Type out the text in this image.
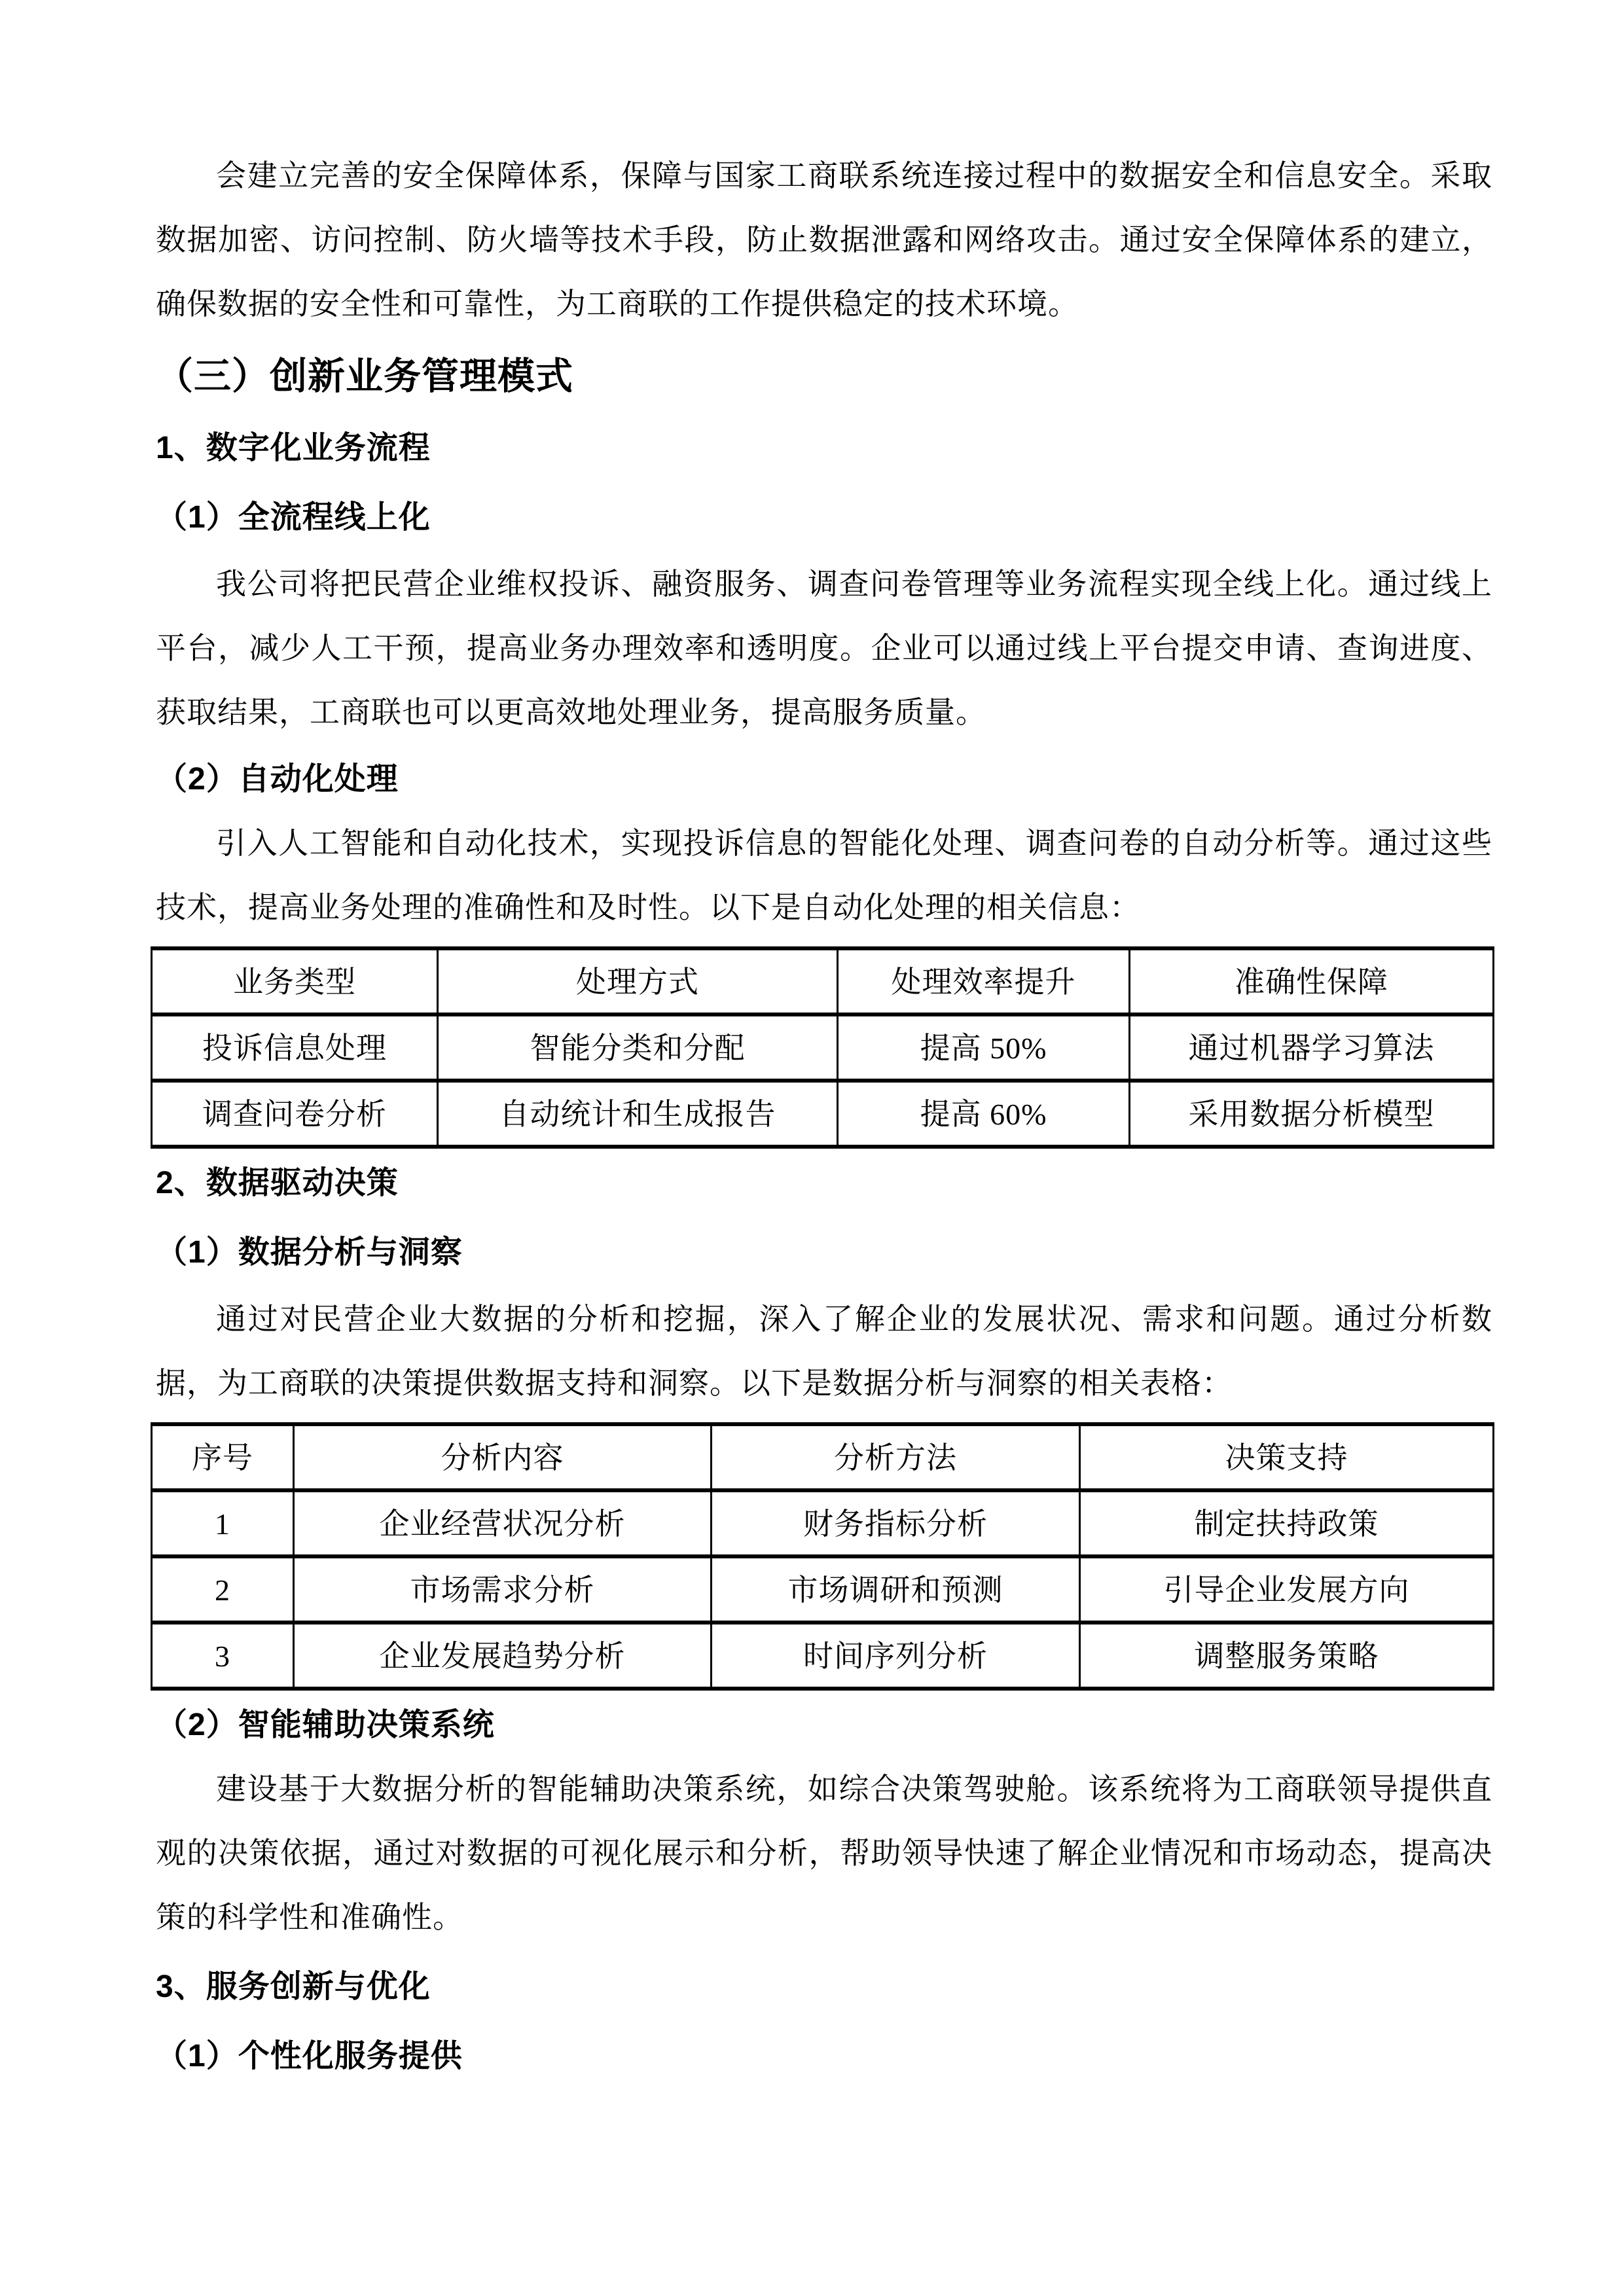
会建立完善的安全保障体系，保障与国家工商联系统连接过程中的数据安全和信息安全。采取数据加密、访问控制、防火墙等技术手段，防止数据泄露和网络攻击。通过安全保障体系的建立，确保数据的安全性和可靠性，为工商联的工作提供稳定的技术环境。

（三）创新业务管理模式
1、数字化业务流程
（1）全流程线上化

我公司将把民营企业维权投诉、融资服务、调查问卷管理等业务流程实现全线上化。通过线上平台，减少人工干预，提高业务办理效率和透明度。企业可以通过线上平台提交申请、查询进度、获取结果，工商联也可以更高效地处理业务，提高服务质量。

（2）自动化处理

引入人工智能和自动化技术，实现投诉信息的智能化处理、调查问卷的自动分析等。通过这些技术，提高业务处理的准确性和及时性。以下是自动化处理的相关信息：

业务类型	处理方式	处理效率提升	准确性保障
投诉信息处理	智能分类和分配	提高 50%	通过机器学习算法
调查问卷分析	自动统计和生成报告	提高 60%	采用数据分析模型
2、数据驱动决策
（1）数据分析与洞察

通过对民营企业大数据的分析和挖掘，深入了解企业的发展状况、需求和问题。通过分析数据，为工商联的决策提供数据支持和洞察。以下是数据分析与洞察的相关表格：

序号	分析内容	分析方法	决策支持
1	企业经营状况分析	财务指标分析	制定扶持政策
2	市场需求分析	市场调研和预测	引导企业发展方向
3	企业发展趋势分析	时间序列分析	调整服务策略
（2）智能辅助决策系统

建设基于大数据分析的智能辅助决策系统，如综合决策驾驶舱。该系统将为工商联领导提供直观的决策依据，通过对数据的可视化展示和分析，帮助领导快速了解企业情况和市场动态，提高决策的科学性和准确性。

3、服务创新与优化
（1）个性化服务提供
